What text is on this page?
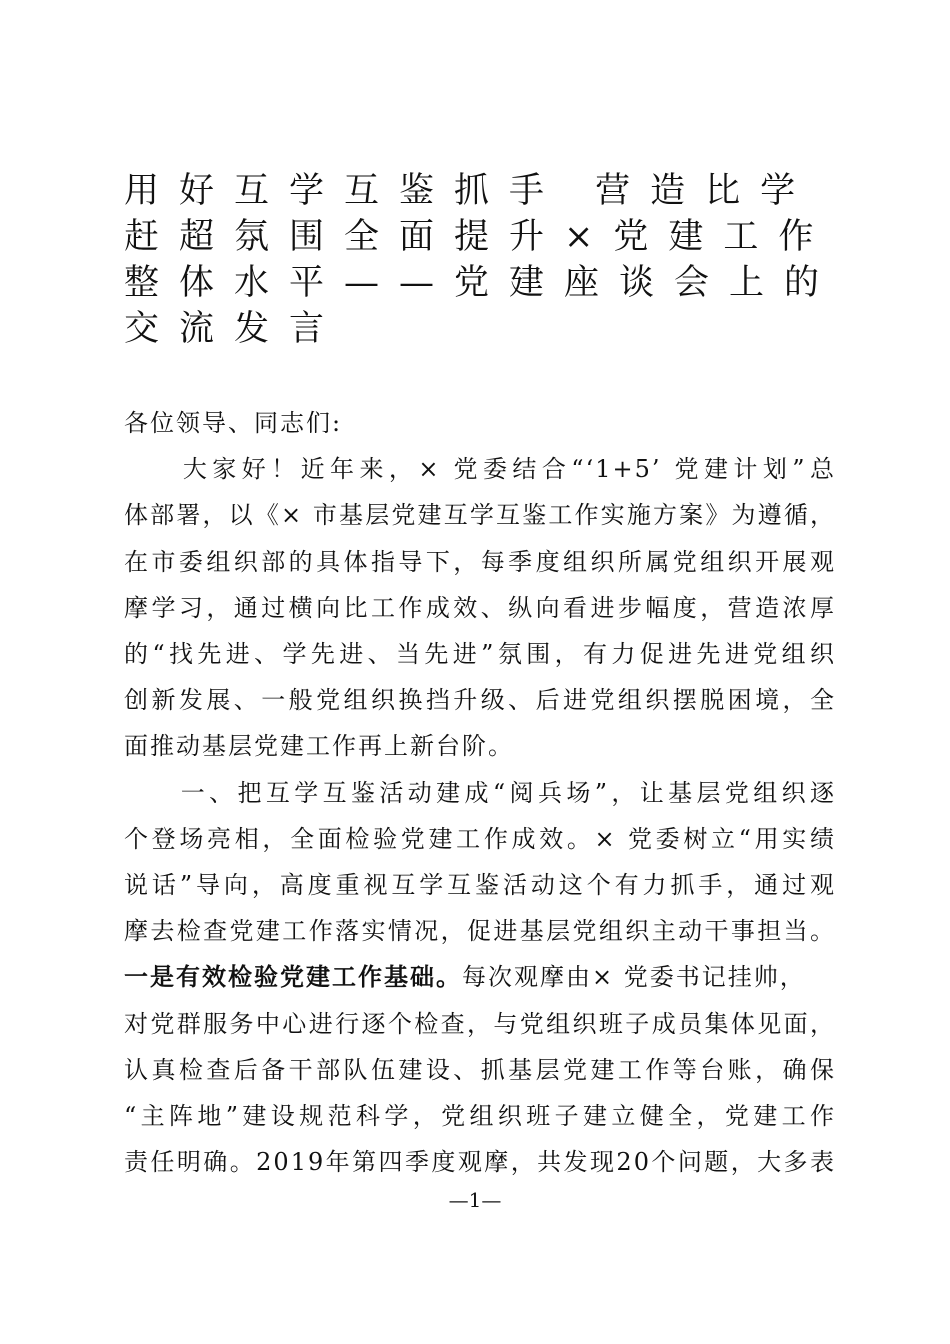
用好互学互鉴抓手 营造比学
赶超氛围全面提升×党建工作
整体水平——党建座谈会上的
交流发言
各位领导、同志们:
　　大家好！近年来，× 党委结合“‘1+5’ 党建计划”总
体部署，以《× 市基层党建互学互鉴工作实施方案》为遵循，
在市委组织部的具体指导下，每季度组织所属党组织开展观
摩学习，通过横向比工作成效、纵向看进步幅度，营造浓厚
的“找先进、学先进、当先进”氛围，有力促进先进党组织
创新发展、一般党组织换挡升级、后进党组织摆脱困境，全
面推动基层党建工作再上新台阶。
　　一、把互学互鉴活动建成“阅兵场”，让基层党组织逐
个登场亮相，全面检验党建工作成效。× 党委树立“用实绩
说话”导向，高度重视互学互鉴活动这个有力抓手，通过观
摩去检查党建工作落实情况，促进基层党组织主动干事担当。
一是有效检验党建工作基础。每次观摩由× 党委书记挂帅，
对党群服务中心进行逐个检查，与党组织班子成员集体见面，
认真检查后备干部队伍建设、抓基层党建工作等台账，确保
“主阵地”建设规范科学，党组织班子建立健全，党建工作
责任明确。2019年第四季度观摩，共发现20个问题，大多表
—1—
